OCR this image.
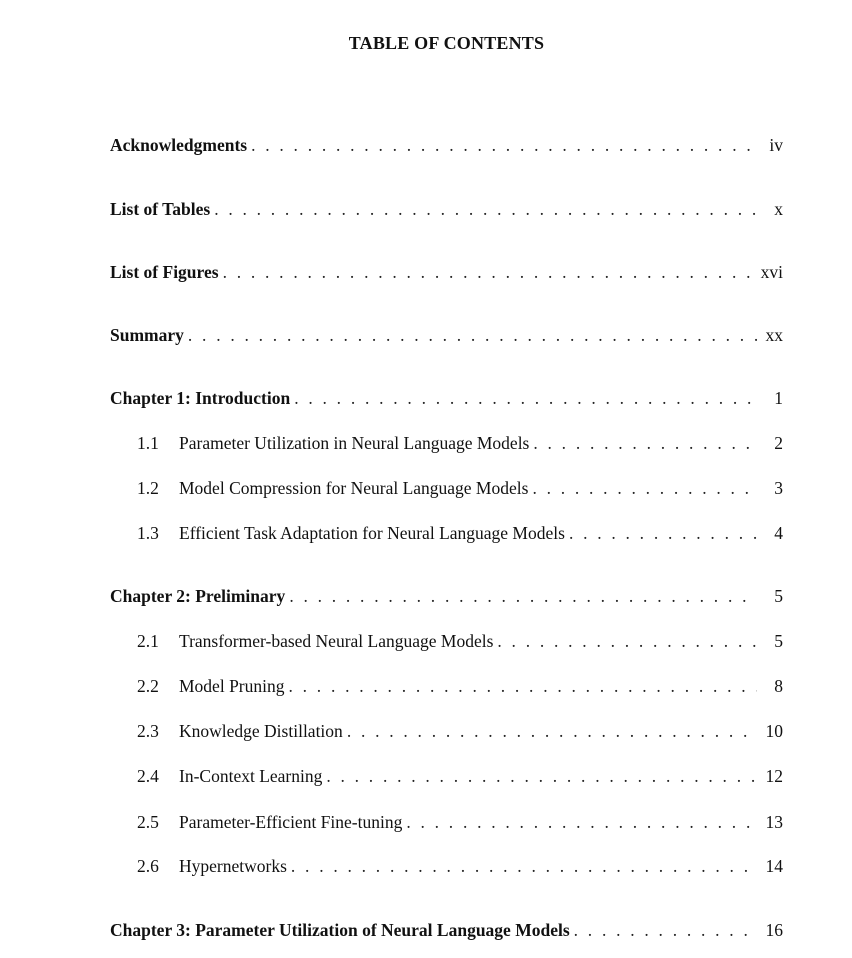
TABLE OF CONTENTS
Acknowledgments . . .	iv
List of Tables . . .	x
List of Figures . . .	xvi
Summary . . .	xx
Chapter 1: Introduction . . .	1
1.1	Parameter Utilization in Neural Language Models . . .	2
1.2	Model Compression for Neural Language Models . . .	3
1.3	Efficient Task Adaptation for Neural Language Models . . .	4
Chapter 2: Preliminary . . .	5
2.1	Transformer-based Neural Language Models . . .	5
2.2	Model Pruning . . .	8
2.3	Knowledge Distillation . . .	10
2.4	In-Context Learning . . .	12
2.5	Parameter-Efficient Fine-tuning . . .	13
2.6	Hypernetworks . . .	14
Chapter 3: Parameter Utilization of Neural Language Models . . .	16
